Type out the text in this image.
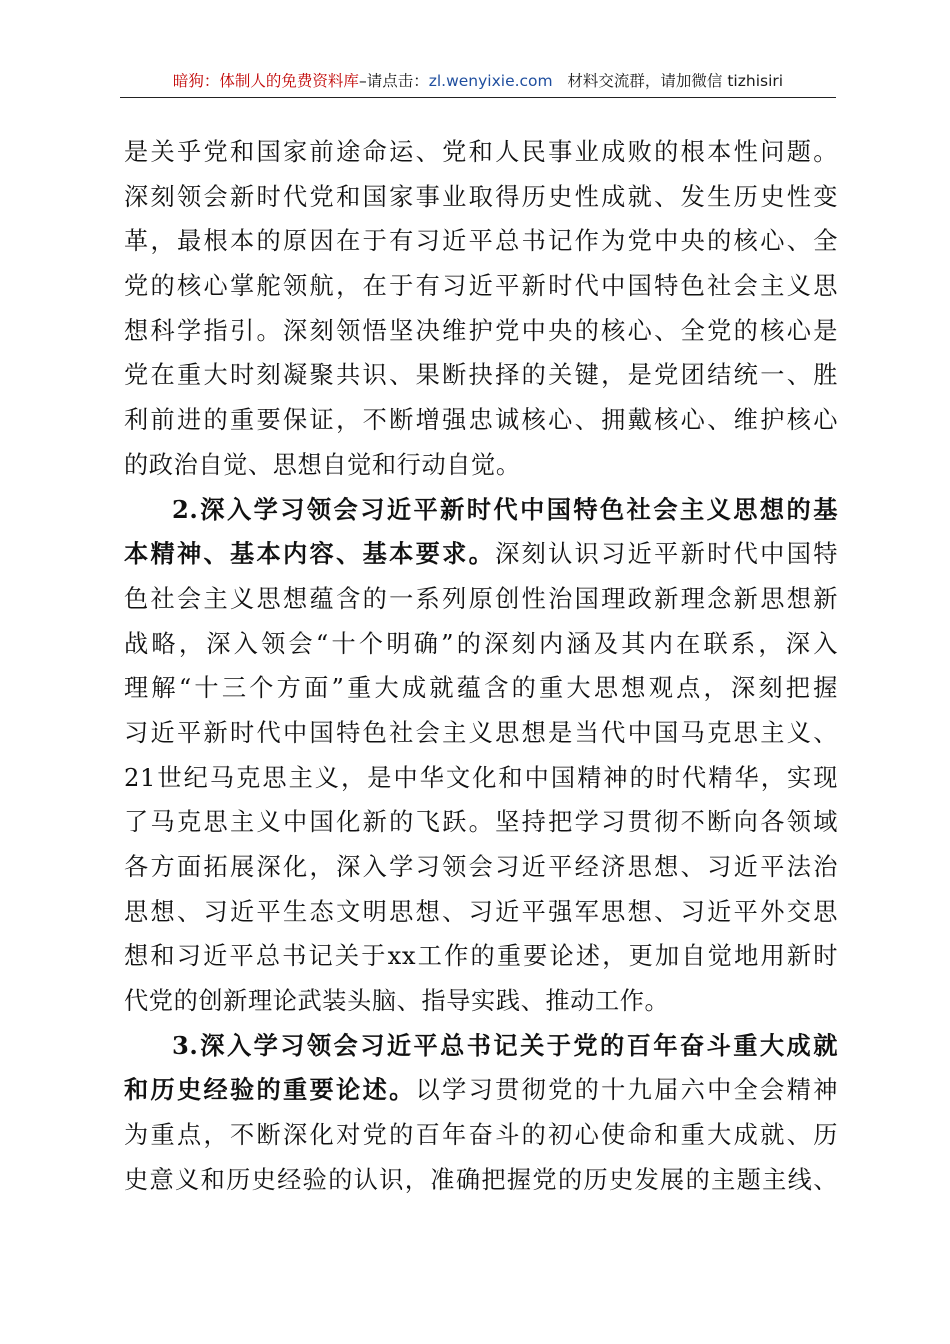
暗狗：体制人的免费资料库–请点击：zl.wenyixie.com 材料交流群，请加微信 tizhisiri
是关乎党和国家前途命运、党和人民事业成败的根本性问题。
深刻领会新时代党和国家事业取得历史性成就、发生历史性变
革，最根本的原因在于有习近平总书记作为党中央的核心、全
党的核心掌舵领航，在于有习近平新时代中国特色社会主义思
想科学指引。深刻领悟坚决维护党中央的核心、全党的核心是
党在重大时刻凝聚共识、果断抉择的关键，是党团结统一、胜
利前进的重要保证，不断增强忠诚核心、拥戴核心、维护核心
的政治自觉、思想自觉和行动自觉。
2.深入学习领会习近平新时代中国特色社会主义思想的基
本精神、基本内容、基本要求。深刻认识习近平新时代中国特
色社会主义思想蕴含的一系列原创性治国理政新理念新思想新
战略，深入领会“十个明确”的深刻内涵及其内在联系，深入
理解“十三个方面”重大成就蕴含的重大思想观点，深刻把握
习近平新时代中国特色社会主义思想是当代中国马克思主义、
21世纪马克思主义，是中华文化和中国精神的时代精华，实现
了马克思主义中国化新的飞跃。坚持把学习贯彻不断向各领域
各方面拓展深化，深入学习领会习近平经济思想、习近平法治
思想、习近平生态文明思想、习近平强军思想、习近平外交思
想和习近平总书记关于xx工作的重要论述，更加自觉地用新时
代党的创新理论武装头脑、指导实践、推动工作。
3.深入学习领会习近平总书记关于党的百年奋斗重大成就
和历史经验的重要论述。以学习贯彻党的十九届六中全会精神
为重点，不断深化对党的百年奋斗的初心使命和重大成就、历
史意义和历史经验的认识，准确把握党的历史发展的主题主线、
